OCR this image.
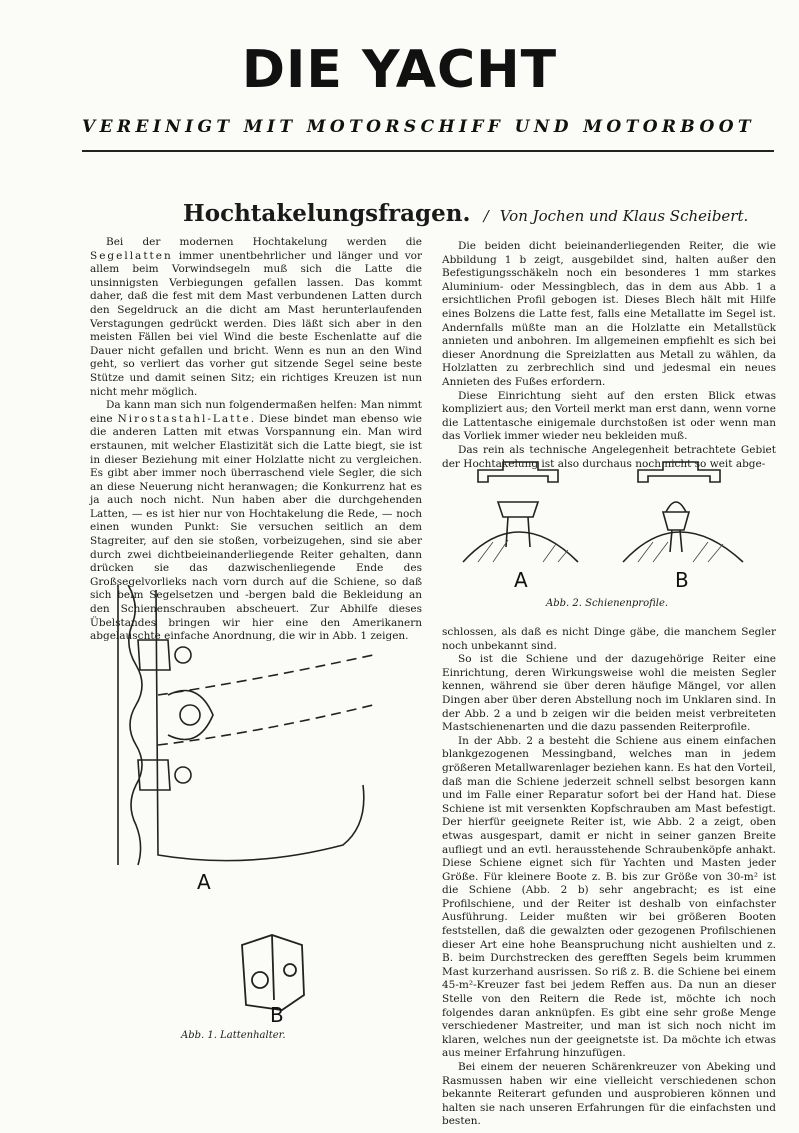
DIE YACHT
VEREINIGT MIT MOTORSCHIFF UND MOTORBOOT
Hochtakelungsfragen. / Von Jochen und Klaus Scheibert.

Bei der modernen Hochtakelung werden die Segellatten immer unentbehrlicher und länger und vor allem beim Vorwindsegeln muß sich die Latte die unsinnigsten Verbiegungen gefallen lassen. Das kommt daher, daß die fest mit dem Mast verbundenen Latten durch den Segeldruck an die dicht am Mast herunterlaufenden Verstagungen gedrückt werden. Dies läßt sich aber in den meisten Fällen bei viel Wind die beste Eschenlatte auf die Dauer nicht gefallen und bricht. Wenn es nun an den Wind geht, so verliert das vorher gut sitzende Segel seine beste Stütze und damit seinen Sitz; ein richtiges Kreuzen ist nun nicht mehr möglich.

Da kann man sich nun folgendermaßen helfen: Man nimmt eine Nirostastahl-Latte. Diese bindet man ebenso wie die anderen Latten mit etwas Vorspannung ein. Man wird erstaunen, mit welcher Elastizität sich die Latte biegt, sie ist in dieser Beziehung mit einer Holzlatte nicht zu vergleichen. Es gibt aber immer noch überraschend viele Segler, die sich an diese Neuerung nicht heranwagen; die Konkurrenz hat es ja auch noch nicht. Nun haben aber die durchgehenden Latten, — es ist hier nur von Hochtakelung die Rede, — noch einen wunden Punkt: Sie versuchen seitlich an dem Stagreiter, auf den sie stoßen, vorbeizugehen, sind sie aber durch zwei dichtbeieinanderliegende Reiter gehalten, dann drücken sie das dazwischenliegende Ende des Großsegelvorlieks nach vorn durch auf die Schiene, so daß sich beim Segelsetzen und -bergen bald die Bekleidung an den Schienenschrauben abscheuert. Zur Abhilfe dieses Übelstandes bringen wir hier eine den Amerikanern abgelauschte einfache Anordnung, die wir in Abb. 1 zeigen.

Die beiden dicht beieinanderliegenden Reiter, die wie Abbildung 1 b zeigt, ausgebildet sind, halten außer den Befestigungsschäkeln noch ein besonderes 1 mm starkes Aluminium- oder Messingblech, das in dem aus Abb. 1 a ersichtlichen Profil gebogen ist. Dieses Blech hält mit Hilfe eines Bolzens die Latte fest, falls eine Metallatte im Segel ist. Andernfalls müßte man an die Holzlatte ein Metallstück annieten und anbohren. Im allgemeinen empfiehlt es sich bei dieser Anordnung die Spreizlatten aus Metall zu wählen, da Holzlatten zu zerbrechlich sind und jedesmal ein neues Annieten des Fußes erfordern.

Diese Einrichtung sieht auf den ersten Blick etwas kompliziert aus; den Vorteil merkt man erst dann, wenn vorne die Lattentasche einigemale durchstoßen ist oder wenn man das Vorliek immer wieder neu bekleiden muß.

Das rein als technische Angelegenheit betrachtete Gebiet der Hochtakelung ist also durchaus noch nicht so weit abge-

A	B
Abb. 2. Schienenprofile.
A
B
Abb. 1. Lattenhalter.

schlossen, als daß es nicht Dinge gäbe, die manchem Segler noch unbekannt sind.

So ist die Schiene und der dazugehörige Reiter eine Einrichtung, deren Wirkungsweise wohl die meisten Segler kennen, während sie über deren häufige Mängel, vor allen Dingen aber über deren Abstellung noch im Unklaren sind. In der Abb. 2 a und b zeigen wir die beiden meist verbreiteten Mastschienenarten und die dazu passenden Reiterprofile.

In der Abb. 2 a besteht die Schiene aus einem einfachen blankgezogenen Messingband, welches man in jedem größeren Metallwarenlager beziehen kann. Es hat den Vorteil, daß man die Schiene jederzeit schnell selbst besorgen kann und im Falle einer Reparatur sofort bei der Hand hat. Diese Schiene ist mit versenkten Kopfschrauben am Mast befestigt. Der hierfür geeignete Reiter ist, wie Abb. 2 a zeigt, oben etwas ausgespart, damit er nicht in seiner ganzen Breite aufliegt und an evtl. herausstehende Schraubenköpfe anhakt. Diese Schiene eignet sich für Yachten und Masten jeder Größe. Für kleinere Boote z. B. bis zur Größe von 30-m² ist die Schiene (Abb. 2 b) sehr angebracht; es ist eine Profilschiene, und der Reiter ist deshalb von einfachster Ausführung. Leider mußten wir bei größeren Booten feststellen, daß die gewalzten oder gezogenen Profilschienen dieser Art eine hohe Beanspruchung nicht aushielten und z. B. beim Durchstrecken des gerefften Segels beim krummen Mast kurzerhand ausrissen. So riß z. B. die Schiene bei einem 45-m²-Kreuzer fast bei jedem Reffen aus. Da nun an dieser Stelle von den Reitern die Rede ist, möchte ich noch folgendes daran anknüpfen. Es gibt eine sehr große Menge verschiedener Mastreiter, und man ist sich noch nicht im klaren, welches nun der geeignetste ist. Da möchte ich etwas aus meiner Erfahrung hinzufügen.

Bei einem der neueren Schärenkreuzer von Abeking und Rasmussen haben wir eine vielleicht verschiedenen schon bekannte Reiterart gefunden und ausprobieren können und halten sie nach unseren Erfahrungen für die einfachsten und besten.
